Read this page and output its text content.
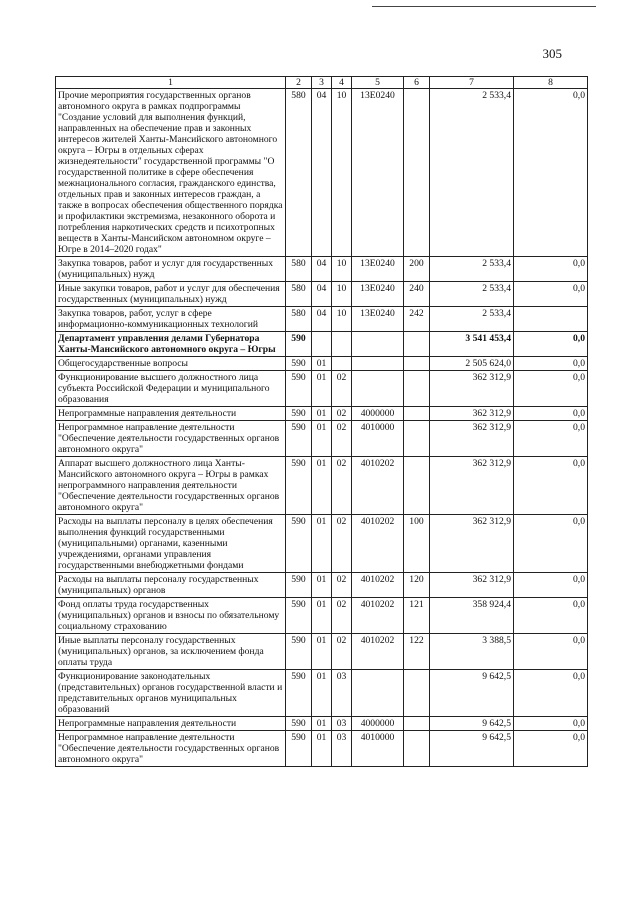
305
1	2	3	4	5	6	7	8
Прочие мероприятия государственных органов автономного округа в рамках подпрограммы "Создание условий для выполнения функций, направленных на обеспечение прав и законных интересов жителей Ханты-Мансийского автономного округа – Югры в отдельных сферах жизнедеятельности" государственной программы "О государственной политике в сфере обеспечения межнационального согласия, гражданского единства, отдельных прав и законных интересов граждан, а также в вопросах обеспечения общественного порядка и профилактики экстремизма, незаконного оборота и потребления наркотических средств и психотропных веществ в Ханты-Мансийском автономном округе – Югре в 2014–2020 годах"	580	04	10	13Е0240		2 533,4	0,0
Закупка товаров, работ и услуг для государственных (муниципальных) нужд	580	04	10	13Е0240	200	2 533,4	0,0
Иные закупки товаров, работ и услуг для обеспечения государственных (муниципальных) нужд	580	04	10	13Е0240	240	2 533,4	0,0
Закупка товаров, работ, услуг в сфере информационно-коммуникационных технологий	580	04	10	13Е0240	242	2 533,4	
Департамент управления делами Губернатора Ханты-Мансийского автономного округа – Югры	590					3 541 453,4	0,0
Общегосударственные вопросы	590	01				2 505 624,0	0,0
Функционирование высшего должностного лица субъекта Российской Федерации и муниципального образования	590	01	02			362 312,9	0,0
Непрограммные направления деятельности	590	01	02	4000000		362 312,9	0,0
Непрограммное направление деятельности "Обеспечение деятельности государственных органов автономного округа"	590	01	02	4010000		362 312,9	0,0
Аппарат высшего должностного лица Ханты-Мансийского автономного округа – Югры в рамках непрограммного направления деятельности "Обеспечение деятельности государственных органов автономного округа"	590	01	02	4010202		362 312,9	0,0
Расходы на выплаты персоналу в целях обеспечения выполнения функций государственными (муниципальными) органами, казенными учреждениями, органами управления государственными внебюджетными фондами	590	01	02	4010202	100	362 312,9	0,0
Расходы на выплаты персоналу государственных (муниципальных) органов	590	01	02	4010202	120	362 312,9	0,0
Фонд оплаты труда государственных (муниципальных) органов и взносы по обязательному социальному страхованию	590	01	02	4010202	121	358 924,4	0,0
Иные выплаты персоналу государственных (муниципальных) органов, за исключением фонда оплаты труда	590	01	02	4010202	122	3 388,5	0,0
Функционирование законодательных (представительных) органов государственной власти и представительных органов муниципальных образований	590	01	03			9 642,5	0,0
Непрограммные направления деятельности	590	01	03	4000000		9 642,5	0,0
Непрограммное направление деятельности "Обеспечение деятельности государственных органов автономного округа"	590	01	03	4010000		9 642,5	0,0
